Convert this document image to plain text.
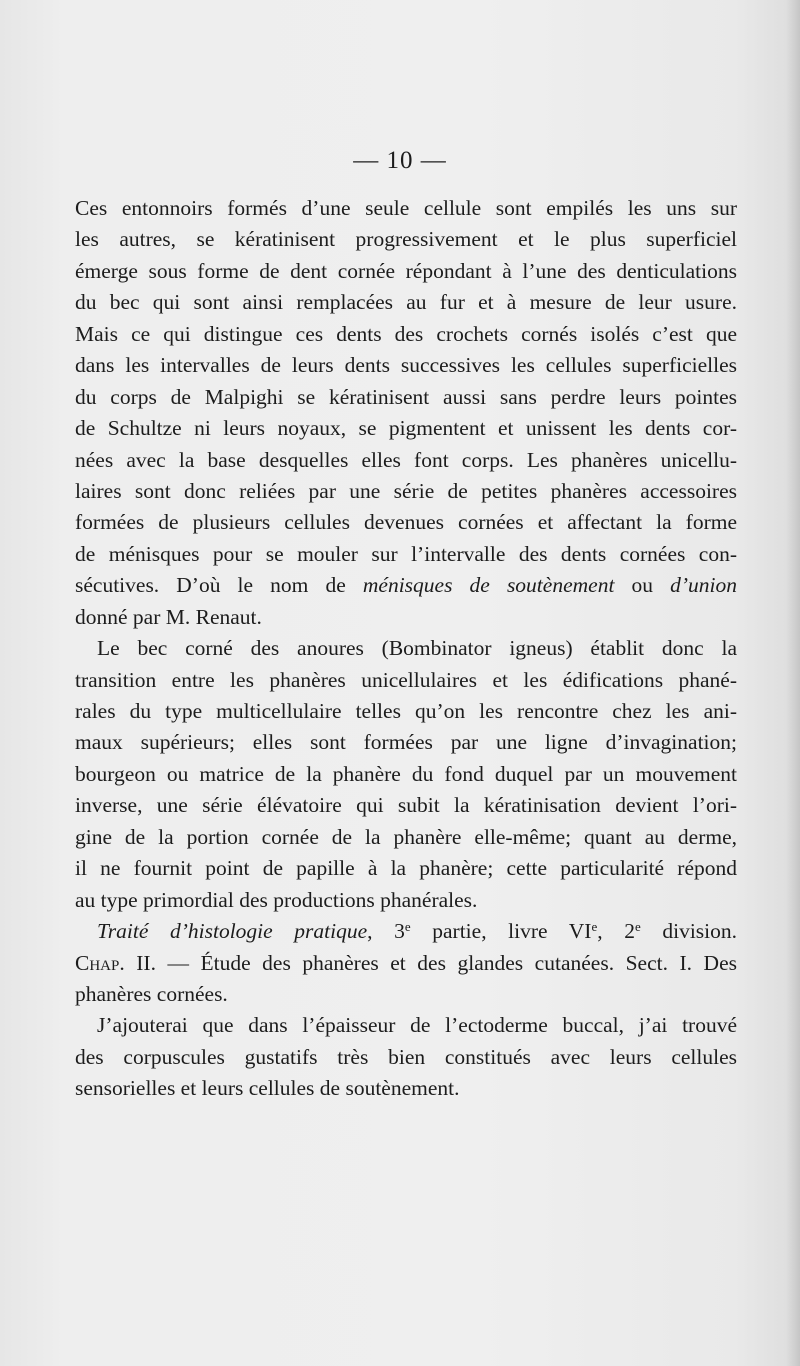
— 10 —
Ces entonnoirs formés d’une seule cellule sont empilés les uns sur
les autres, se kératinisent progressivement et le plus superficiel
émerge sous forme de dent cornée répondant à l’une des denticulations
du bec qui sont ainsi remplacées au fur et à mesure de leur usure.
Mais ce qui distingue ces dents des crochets cornés isolés c’est que
dans les intervalles de leurs dents successives les cellules superficielles
du corps de Malpighi se kératinisent aussi sans perdre leurs pointes
de Schultze ni leurs noyaux, se pigmentent et unissent les dents cor-
nées avec la base desquelles elles font corps. Les phanères unicellu-
laires sont donc reliées par une série de petites phanères accessoires
formées de plusieurs cellules devenues cornées et affectant la forme
de ménisques pour se mouler sur l’intervalle des dents cornées con-
sécutives. D’où le nom de ménisques de soutènement ou d’union
donné par M. Renaut.
Le bec corné des anoures (Bombinator igneus) établit donc la
transition entre les phanères unicellulaires et les édifications phané-
rales du type multicellulaire telles qu’on les rencontre chez les ani-
maux supérieurs; elles sont formées par une ligne d’invagination;
bourgeon ou matrice de la phanère du fond duquel par un mouvement
inverse, une série élévatoire qui subit la kératinisation devient l’ori-
gine de la portion cornée de la phanère elle-même; quant au derme,
il ne fournit point de papille à la phanère; cette particularité répond
au type primordial des productions phanérales.
Traité d’histologie pratique, 3e partie, livre VIe, 2e division.
Chap. II. — Étude des phanères et des glandes cutanées. Sect. I. Des
phanères cornées.
J’ajouterai que dans l’épaisseur de l’ectoderme buccal, j’ai trouvé
des corpuscules gustatifs très bien constitués avec leurs cellules
sensorielles et leurs cellules de soutènement.
